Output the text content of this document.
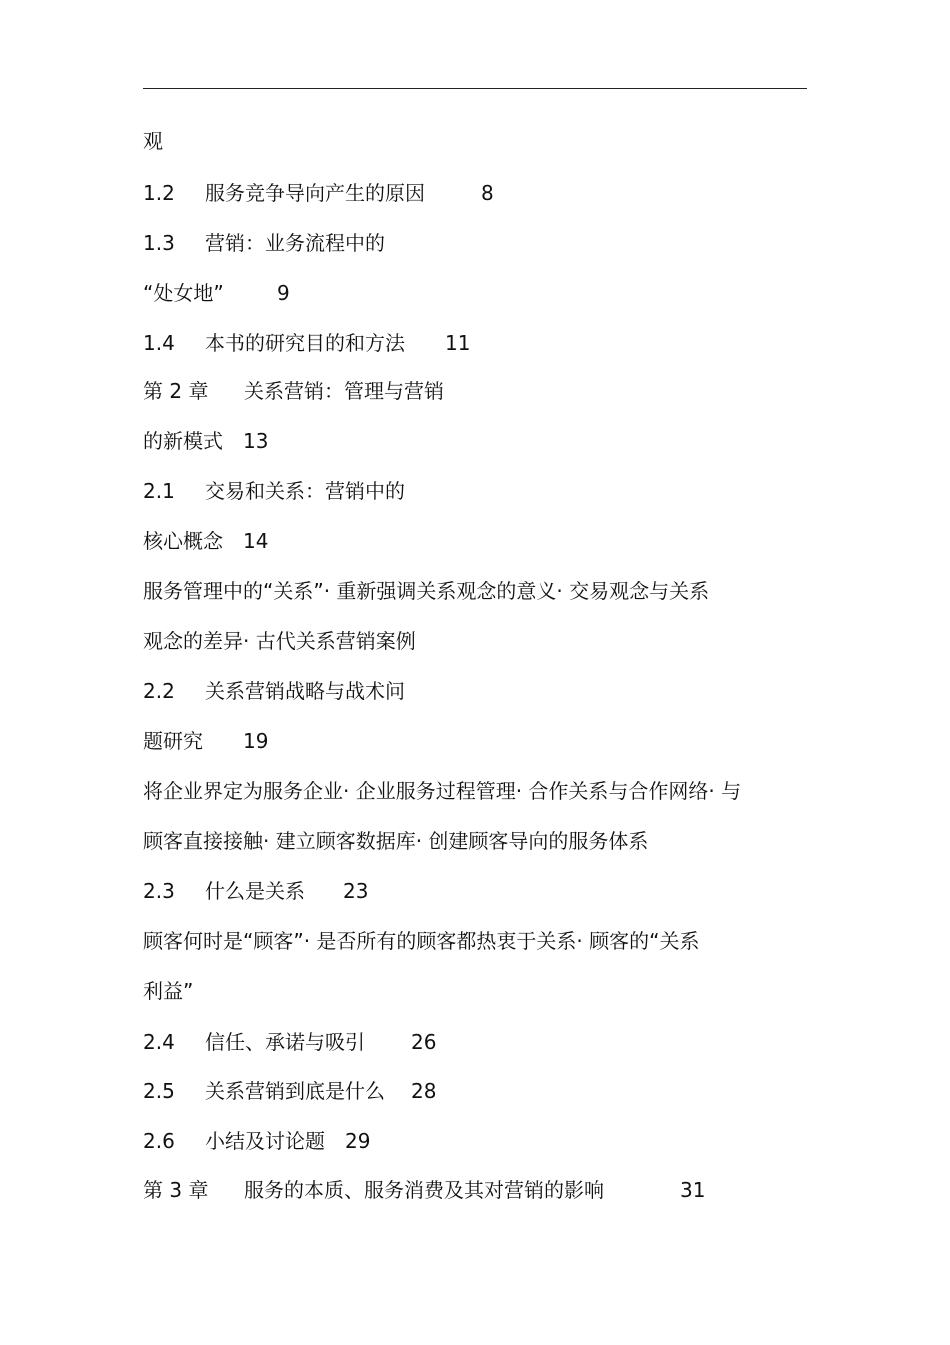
观
1.2 服务竞争导向产生的原因	8
1.3 营销：业务流程中的
“处女地”	9
1.4 本书的研究目的和方法 11
第 2 章 关系营销：管理与营销
的新模式 13
2.1 交易和关系：营销中的
核心概念 14
服务管理中的“关系”· 重新强调关系观念的意义· 交易观念与关系
观念的差异· 古代关系营销案例
2.2 关系营销战略与战术问
题研究 19
将企业界定为服务企业· 企业服务过程管理· 合作关系与合作网络· 与
顾客直接接触· 建立顾客数据库· 创建顾客导向的服务体系
2.3 什么是关系 23
顾客何时是“顾客”· 是否所有的顾客都热衷于关系· 顾客的“关系
利益”
2.4 信任、承诺与吸引 26
2.5 关系营销到底是什么 28
2.6 小结及讨论题 29
第 3 章 服务的本质、服务消费及其对营销的影响	31
